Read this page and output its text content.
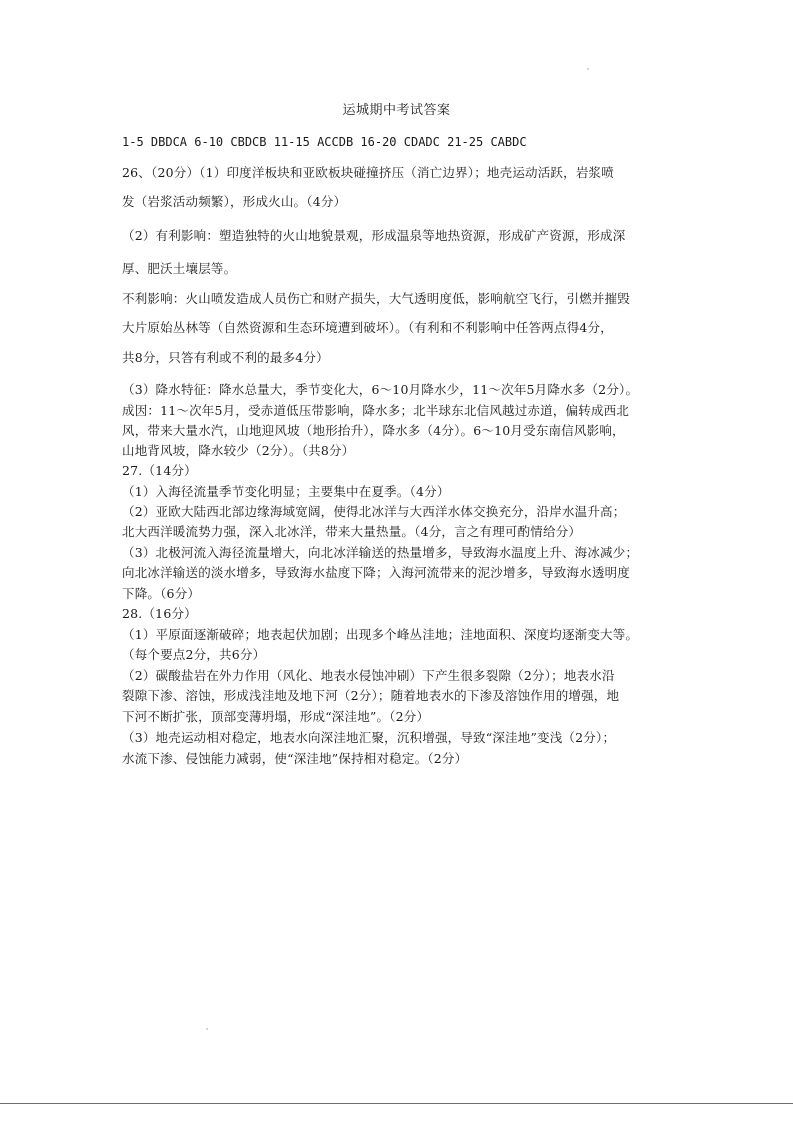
运城期中考试答案
1-5 DBDCA 6-10 CBDCB 11-15 ACCDB 16-20 CDADC 21-25 CABDC
26、（20分）（1）印度洋板块和亚欧板块碰撞挤压（消亡边界）；地壳运动活跃，岩浆喷
发（岩浆活动频繁），形成火山。（4分）
（2）有利影响：塑造独特的火山地貌景观，形成温泉等地热资源，形成矿产资源，形成深
厚、肥沃土壤层等。
不利影响：火山喷发造成人员伤亡和财产损失，大气透明度低，影响航空飞行，引燃并摧毁
大片原始丛林等（自然资源和生态环境遭到破坏）。（有利和不利影响中任答两点得4分，
共8分，只答有利或不利的最多4分）
（3）降水特征：降水总量大，季节变化大，6～10月降水少，11～次年5月降水多（2分）。
成因：11～次年5月，受赤道低压带影响，降水多；北半球东北信风越过赤道，偏转成西北
风，带来大量水汽，山地迎风坡（地形抬升），降水多（4分）。6～10月受东南信风影响，
山地背风坡，降水较少（2分）。（共8分）
27.（14分）
（1）入海径流量季节变化明显；主要集中在夏季。（4分）
（2）亚欧大陆西北部边缘海域宽阔，使得北冰洋与大西洋水体交换充分，沿岸水温升高；
北大西洋暖流势力强，深入北冰洋，带来大量热量。（4分，言之有理可酌情给分）
（3）北极河流入海径流量增大，向北冰洋输送的热量增多，导致海水温度上升、海冰减少；
向北冰洋输送的淡水增多，导致海水盐度下降；入海河流带来的泥沙增多，导致海水透明度
下降。（6分）
28.（16分）
（1）平原面逐渐破碎；地表起伏加剧；出现多个峰丛洼地；洼地面积、深度均逐渐变大等。
（每个要点2分，共6分）
（2）碳酸盐岩在外力作用（风化、地表水侵蚀冲刷）下产生很多裂隙（2分）；地表水沿
裂隙下渗、溶蚀，形成浅洼地及地下河（2分）；随着地表水的下渗及溶蚀作用的增强，地
下河不断扩张，顶部变薄坍塌，形成“深洼地”。（2分）
（3）地壳运动相对稳定，地表水向深洼地汇聚，沉积增强，导致“深洼地”变浅（2分）；
水流下渗、侵蚀能力减弱，使“深洼地”保持相对稳定。（2分）
